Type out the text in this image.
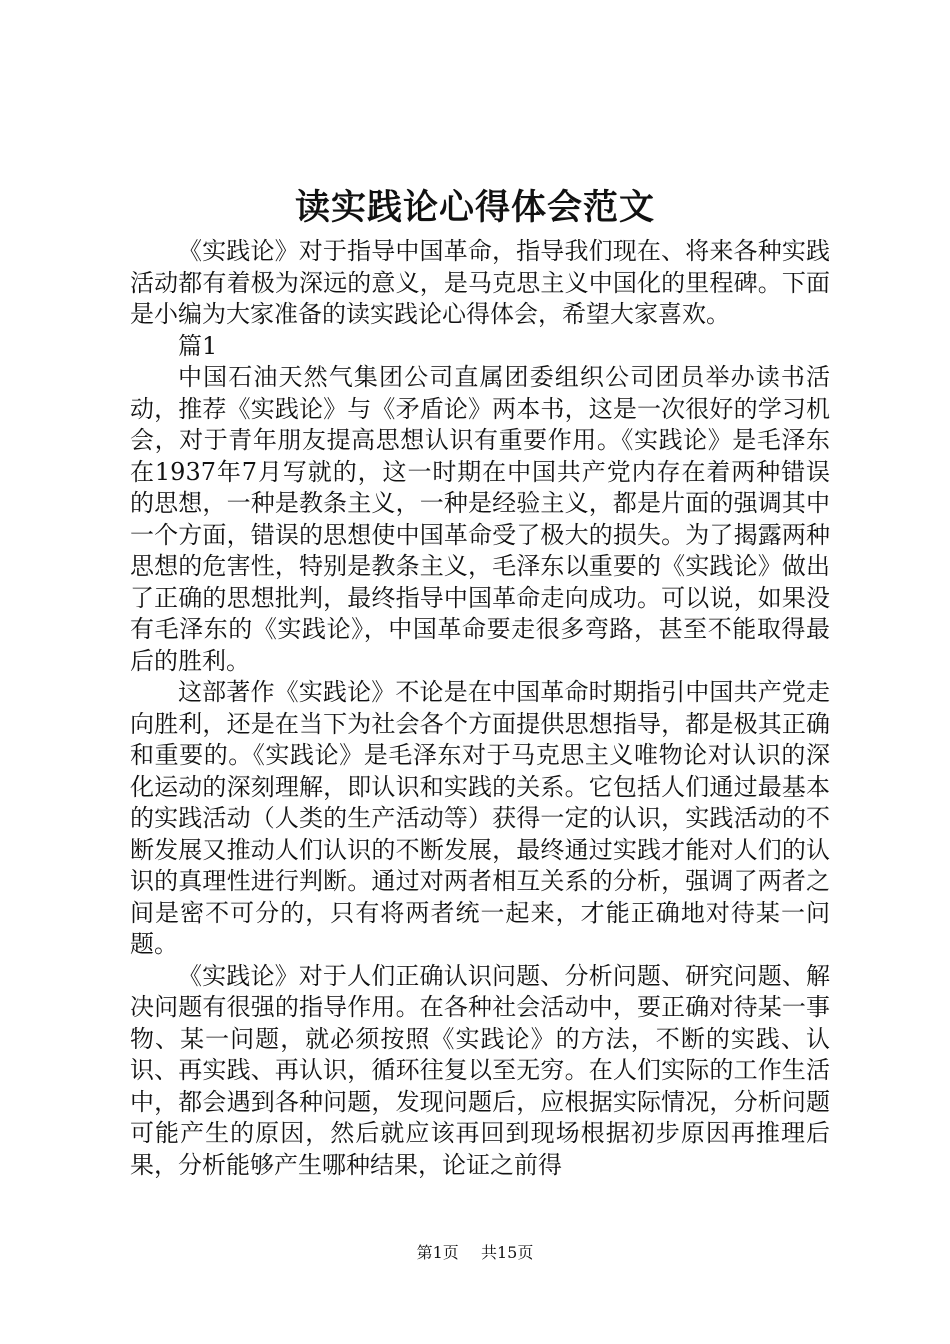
读实践论心得体会范文

《实践论》对于指导中国革命，指导我们现在、将来各种实践活动都有着极为深远的意义，是马克思主义中国化的里程碑。下面是小编为大家准备的读实践论心得体会，希望大家喜欢。

篇1

中国石油天然气集团公司直属团委组织公司团员举办读书活动，推荐《实践论》与《矛盾论》两本书，这是一次很好的学习机会，对于青年朋友提高思想认识有重要作用。《实践论》是毛泽东在1937年7月写就的，这一时期在中国共产党内存在着两种错误的思想，一种是教条主义，一种是经验主义，都是片面的强调其中一个方面，错误的思想使中国革命受了极大的损失。为了揭露两种思想的危害性，特别是教条主义，毛泽东以重要的《实践论》做出了正确的思想批判，最终指导中国革命走向成功。可以说，如果没有毛泽东的《实践论》，中国革命要走很多弯路，甚至不能取得最后的胜利。

这部著作《实践论》不论是在中国革命时期指引中国共产党走向胜利，还是在当下为社会各个方面提供思想指导，都是极其正确和重要的。《实践论》是毛泽东对于马克思主义唯物论对认识的深化运动的深刻理解，即认识和实践的关系。它包括人们通过最基本的实践活动（人类的生产活动等）获得一定的认识，实践活动的不断发展又推动人们认识的不断发展，最终通过实践才能对人们的认识的真理性进行判断。通过对两者相互关系的分析，强调了两者之间是密不可分的，只有将两者统一起来，才能正确地对待某一问题。

《实践论》对于人们正确认识问题、分析问题、研究问题、解决问题有很强的指导作用。在各种社会活动中，要正确对待某一事物、某一问题，就必须按照《实践论》的方法，不断的实践、认识、再实践、再认识，循环往复以至无穷。在人们实际的工作生活中，都会遇到各种问题，发现问题后，应根据实际情况，分析问题可能产生的原因，然后就应该再回到现场根据初步原因再推理后果，分析能够产生哪种结果，论证之前得

第1页 共15页
